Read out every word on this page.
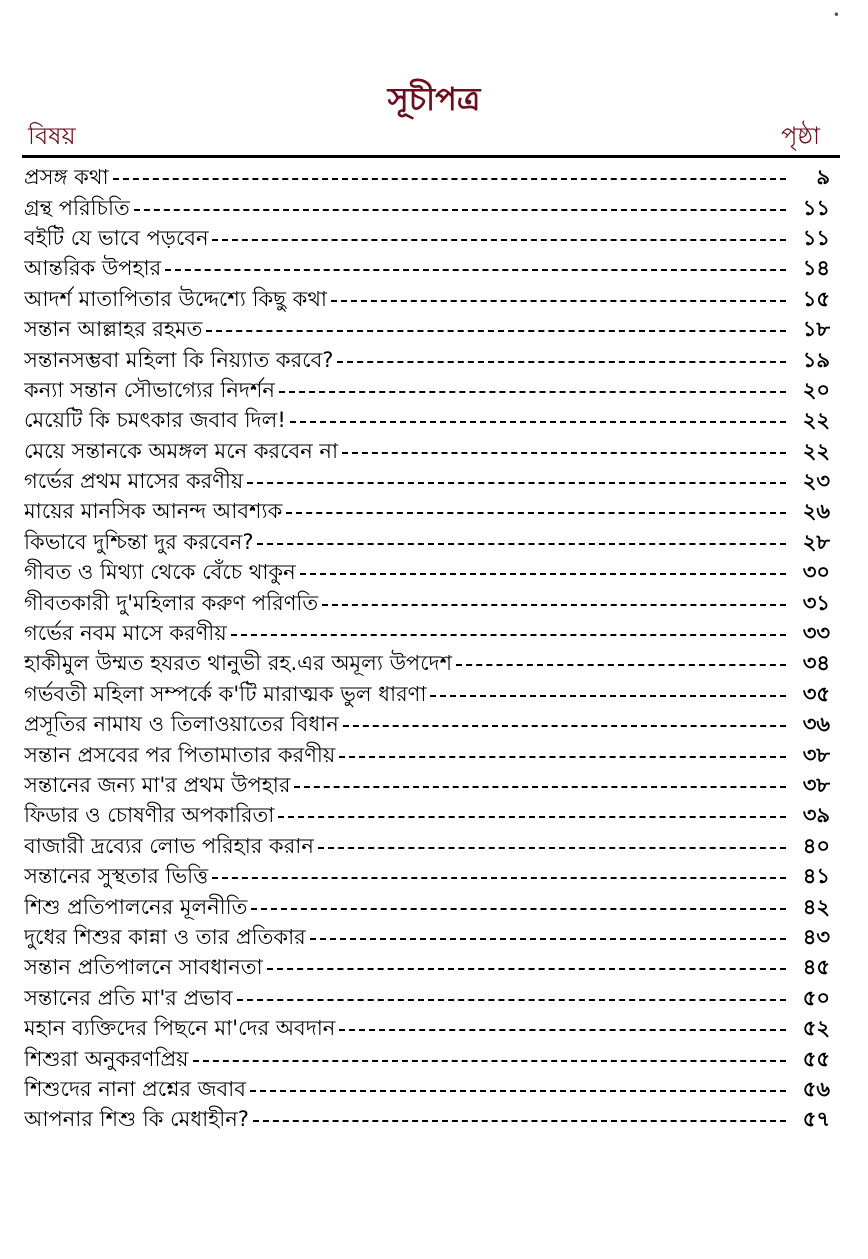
•
সূচীপত্র
বিষয়	পৃষ্ঠা
প্রসঙ্গ কথা	৯
গ্রন্থ পরিচিতি	১১
বইটি যে ভাবে পড়বেন	১১
আন্তরিক উপহার	১৪
আদর্শ মাতাপিতার উদ্দেশ্যে কিছু কথা	১৫
সন্তান আল্লাহর রহমত	১৮
সন্তানসম্ভবা মহিলা কি নিয়্যাত করবে?	১৯
কন্যা সন্তান সৌভাগ্যের নিদর্শন	২০
মেয়েটি কি চমৎকার জবাব দিল!	২২
মেয়ে সন্তানকে অমঙ্গল মনে করবেন না	২২
গর্ভের প্রথম মাসের করণীয়	২৩
মায়ের মানসিক আনন্দ আবশ্যক	২৬
কিভাবে দুশ্চিন্তা দুর করবেন?	২৮
গীবত ও মিথ্যা থেকে বেঁচে থাকুন	৩০
গীবতকারী দু'মহিলার করুণ পরিণতি	৩১
গর্ভের নবম মাসে করণীয়	৩৩
হাকীমুল উম্মত হযরত থানুভী রহ.এর অমূল্য উপদেশ	৩৪
গর্ভবতী মহিলা সম্পর্কে ক'টি মারাত্মক ভুল ধারণা	৩৫
প্রসূতির নামায ও তিলাওয়াতের বিধান	৩৬
সন্তান প্রসবের পর পিতামাতার করণীয়	৩৮
সন্তানের জন্য মা'র প্রথম উপহার	৩৮
ফিডার ও চোষণীর অপকারিতা	৩৯
বাজারী দ্রব্যের লোভ পরিহার করান	৪০
সন্তানের সুস্থতার ভিত্তি	৪১
শিশু প্রতিপালনের মূলনীতি	৪২
দুধের শিশুর কান্না ও তার প্রতিকার	৪৩
সন্তান প্রতিপালনে সাবধানতা	৪৫
সন্তানের প্রতি মা'র প্রভাব	৫০
মহান ব্যক্তিদের পিছনে মা'দের অবদান	৫২
শিশুরা অনুকরণপ্রিয়	৫৫
শিশুদের নানা প্রশ্নের জবাব	৫৬
আপনার শিশু কি মেধাহীন?	৫৭
